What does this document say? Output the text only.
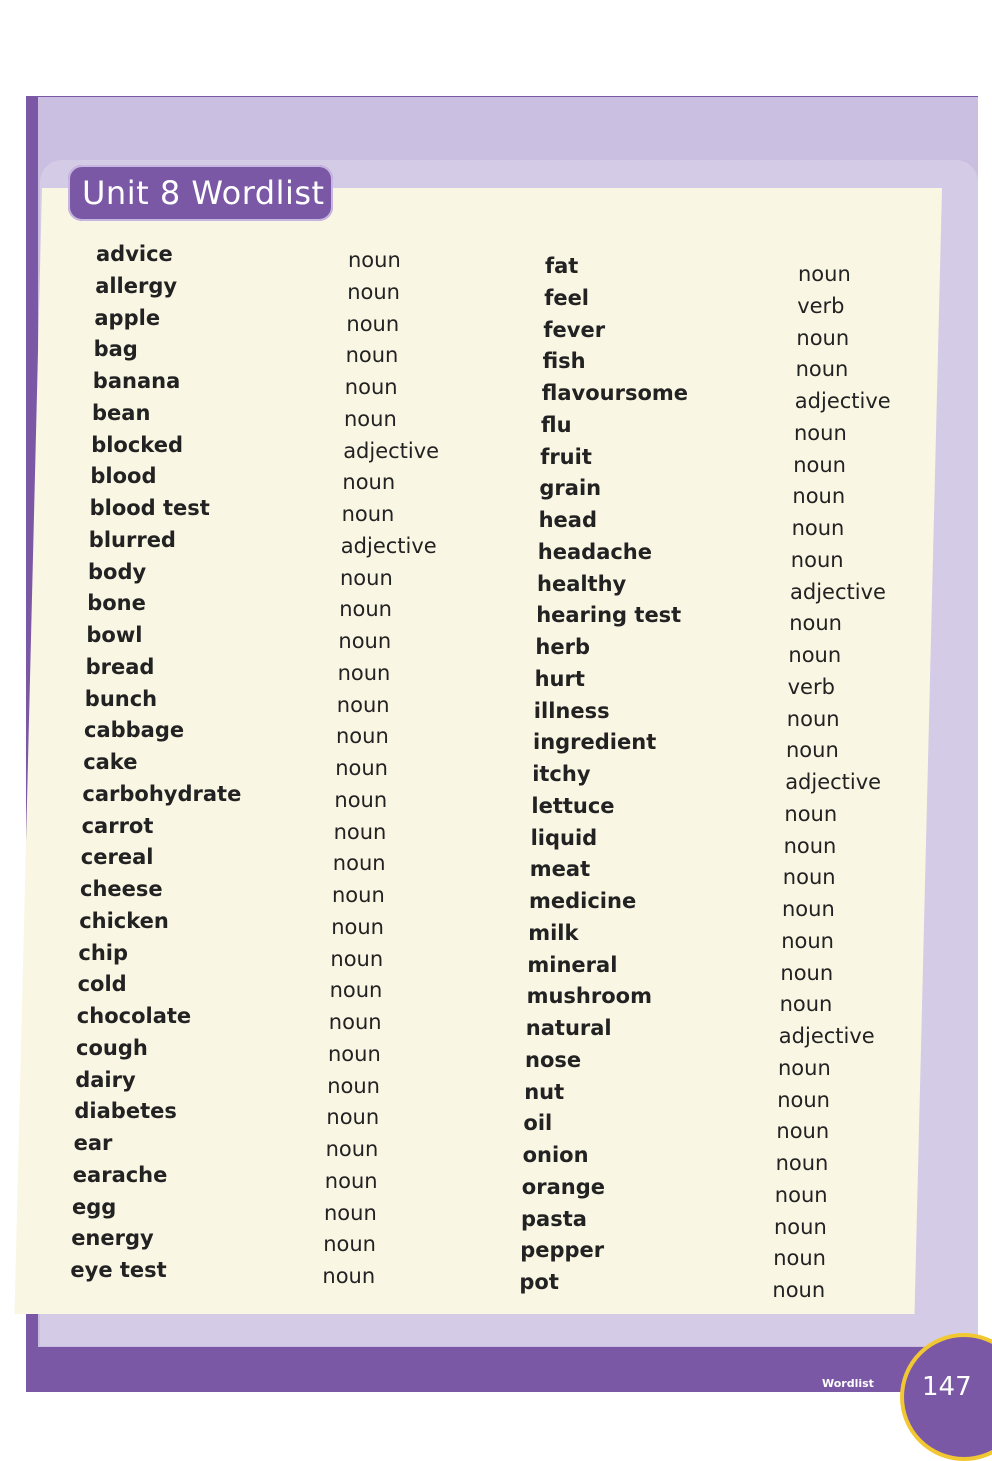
Unit 8 Wordlist
advice	noun
allergy	noun
apple	noun
bag	noun
banana	noun
bean	noun
blocked	adjective
blood	noun
blood test	noun
blurred	adjective
body	noun
bone	noun
bowl	noun
bread	noun
bunch	noun
cabbage	noun
cake	noun
carbohydrate	noun
carrot	noun
cereal	noun
cheese	noun
chicken	noun
chip	noun
cold	noun
chocolate	noun
cough	noun
dairy	noun
diabetes	noun
ear	noun
earache	noun
egg	noun
energy	noun
eye test	noun
fat	noun
feel	verb
fever	noun
fish	noun
flavoursome	adjective
flu	noun
fruit	noun
grain	noun
head	noun
headache	noun
healthy	adjective
hearing test	noun
herb	noun
hurt	verb
illness	noun
ingredient	noun
itchy	adjective
lettuce	noun
liquid	noun
meat	noun
medicine	noun
milk	noun
mineral	noun
mushroom	noun
natural	adjective
nose	noun
nut	noun
oil	noun
onion	noun
orange	noun
pasta	noun
pepper	noun
pot	noun
Wordlist 147
